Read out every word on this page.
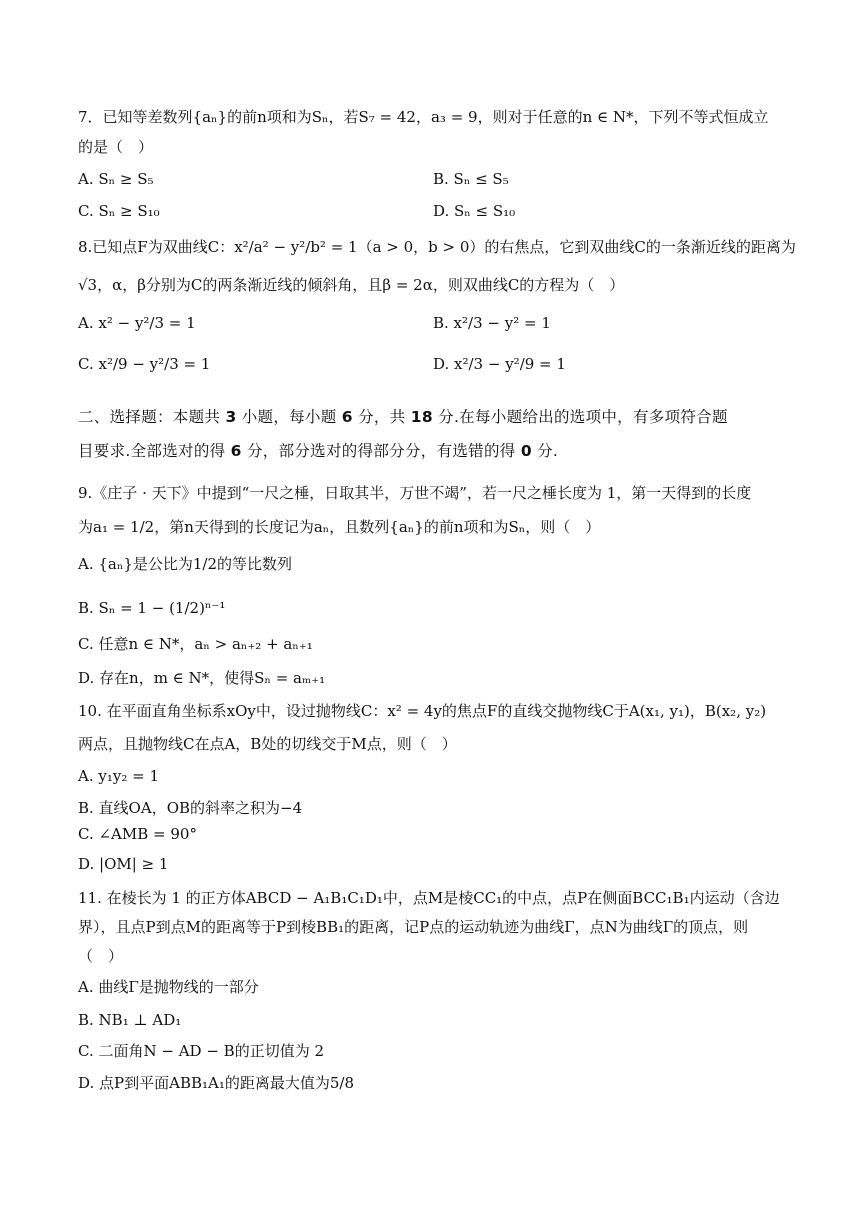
7．已知等差数列{aₙ}的前n项和为Sₙ，若S₇ = 42，a₃ = 9，则对于任意的n ∈ N*，下列不等式恒成立
的是（　）
A. Sₙ ≥ S₅	B. Sₙ ≤ S₅
C. Sₙ ≥ S₁₀	D. Sₙ ≤ S₁₀
8.已知点F为双曲线C：x²/a² − y²/b² = 1（a > 0，b > 0）的右焦点，它到双曲线C的一条渐近线的距离为
√3，α，β分别为C的两条渐近线的倾斜角，且β = 2α，则双曲线C的方程为（　）
A. x² − y²/3 = 1	B. x²/3 − y² = 1
C. x²/9 − y²/3 = 1	D. x²/3 − y²/9 = 1
二、选择题：本题共 3 小题，每小题 6 分，共 18 分.在每小题给出的选项中，有多项符合题
目要求.全部选对的得 6 分，部分选对的得部分分，有选错的得 0 分.
9.《庄子 · 天下》中提到“一尺之棰，日取其半，万世不竭”，若一尺之棰长度为 1，第一天得到的长度
为a₁ = 1/2，第n天得到的长度记为aₙ，且数列{aₙ}的前n项和为Sₙ，则（　）
A. {aₙ}是公比为1/2的等比数列
B. Sₙ = 1 − (1/2)ⁿ⁻¹
C. 任意n ∈ N*，aₙ > aₙ₊₂ + aₙ₊₁
D. 存在n，m ∈ N*，使得Sₙ = aₘ₊₁
10. 在平面直角坐标系xOy中，设过抛物线C：x² = 4y的焦点F的直线交抛物线C于A(x₁, y₁)，B(x₂, y₂)
两点，且抛物线C在点A，B处的切线交于M点，则（　）
A. y₁y₂ = 1
B. 直线OA，OB的斜率之积为−4
C. ∠AMB = 90°
D. |OM| ≥ 1
11. 在棱长为 1 的正方体ABCD − A₁B₁C₁D₁中，点M是棱CC₁的中点，点P在侧面BCC₁B₁内运动（含边
界），且点P到点M的距离等于P到棱BB₁的距离，记P点的运动轨迹为曲线Γ，点N为曲线Γ的顶点，则
（　）
A. 曲线Γ是抛物线的一部分
B. NB₁ ⊥ AD₁
C. 二面角N − AD − B的正切值为 2
D. 点P到平面ABB₁A₁的距离最大值为5/8
